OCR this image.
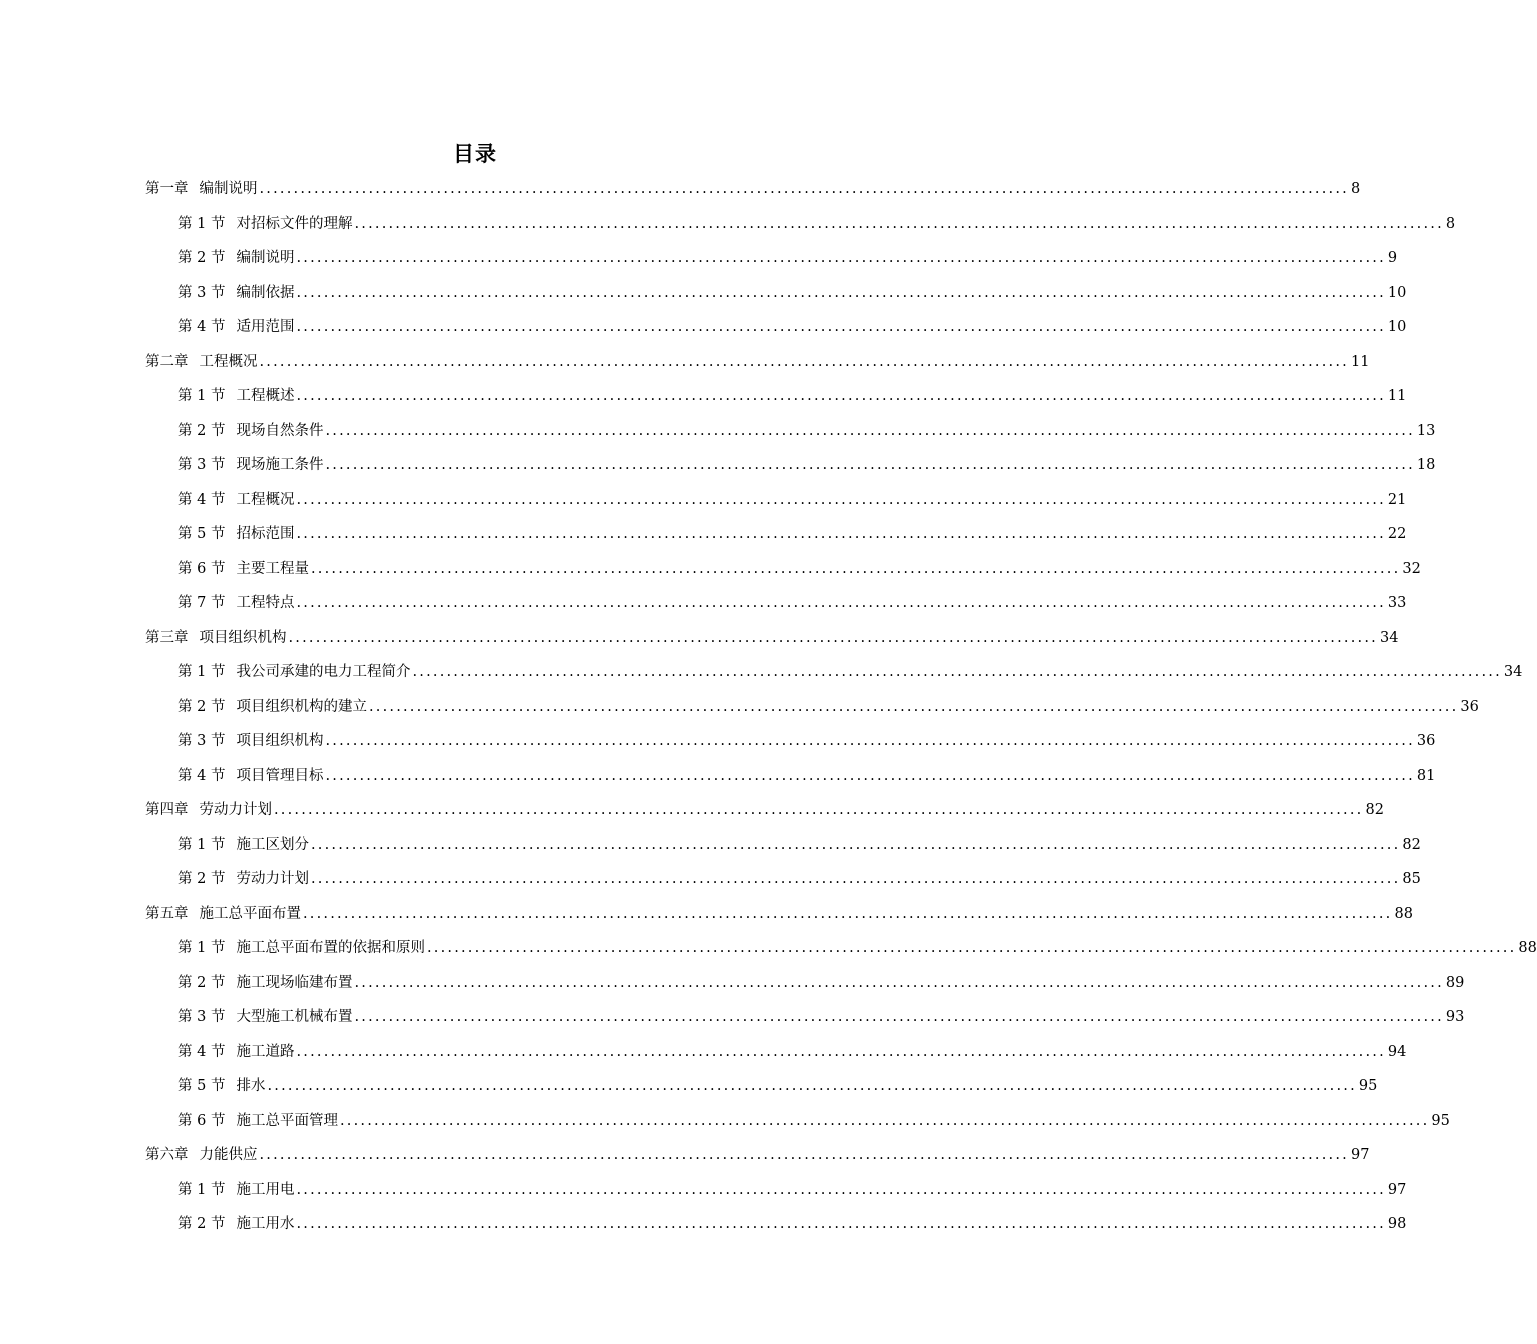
目录
第一章 编制说明 ................................................................................................................................................................ 8
第 1 节 对招标文件的理解 ................................................................................................................................................................ 8
第 2 节 编制说明 ................................................................................................................................................................ 9
第 3 节 编制依据 ................................................................................................................................................................ 10
第 4 节 适用范围 ................................................................................................................................................................ 10
第二章 工程概况 ................................................................................................................................................................ 11
第 1 节 工程概述 ................................................................................................................................................................ 11
第 2 节 现场自然条件 ................................................................................................................................................................ 13
第 3 节 现场施工条件 ................................................................................................................................................................ 18
第 4 节 工程概况 ................................................................................................................................................................ 21
第 5 节 招标范围 ................................................................................................................................................................ 22
第 6 节 主要工程量 ................................................................................................................................................................ 32
第 7 节 工程特点 ................................................................................................................................................................ 33
第三章 项目组织机构 ................................................................................................................................................................ 34
第 1 节 我公司承建的电力工程简介 ................................................................................................................................................................ 34
第 2 节 项目组织机构的建立 ................................................................................................................................................................ 36
第 3 节 项目组织机构 ................................................................................................................................................................ 36
第 4 节 项目管理目标 ................................................................................................................................................................ 81
第四章 劳动力计划 ................................................................................................................................................................ 82
第 1 节 施工区划分 ................................................................................................................................................................ 82
第 2 节 劳动力计划 ................................................................................................................................................................ 85
第五章 施工总平面布置 ................................................................................................................................................................ 88
第 1 节 施工总平面布置的依据和原则 ................................................................................................................................................................ 88
第 2 节 施工现场临建布置 ................................................................................................................................................................ 89
第 3 节 大型施工机械布置 ................................................................................................................................................................ 93
第 4 节 施工道路 ................................................................................................................................................................ 94
第 5 节 排水 ................................................................................................................................................................ 95
第 6 节 施工总平面管理 ................................................................................................................................................................ 95
第六章 力能供应 ................................................................................................................................................................ 97
第 1 节 施工用电 ................................................................................................................................................................ 97
第 2 节 施工用水 ................................................................................................................................................................ 98
